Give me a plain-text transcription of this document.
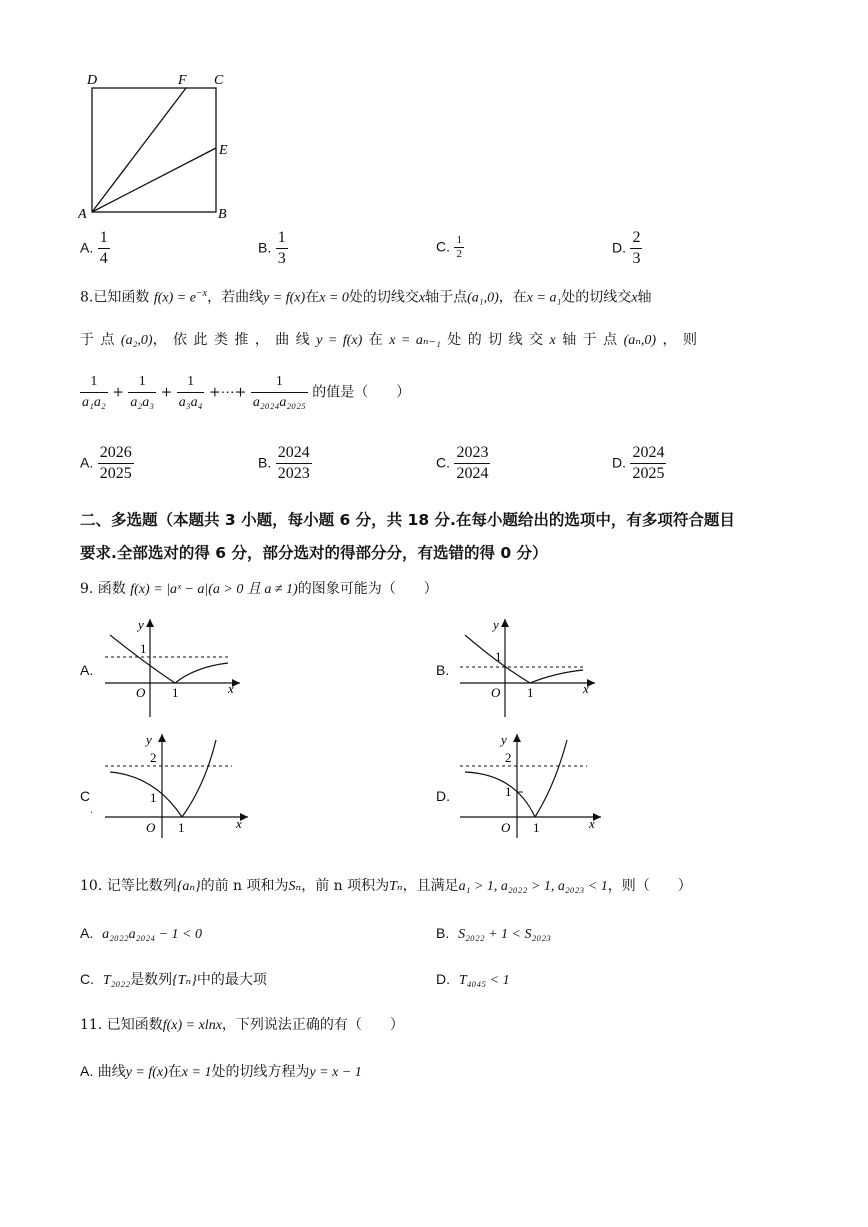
D	F C
E
A	B
A. $\frac{1}{4}$	B. $\frac{1}{3}$	C. $\frac{1}{2}$	D. $\frac{2}{3}$
8.已知函数 $f(x) = e^{-x}$，若曲线y = f(x)在x = 0处的切线交x轴于点(a₁,0)，在x = a₁处的切线交x轴
于 点 (a₂,0)， 依 此 类 推 ， 曲 线 y = f(x) 在 x = aₙ₋₁ 处 的 切 线 交 x 轴 于 点 (aₙ,0) ， 则
$\frac{1}{\text{a₁a₂}} + \frac{1}{\text{a₂a₃}} + \frac{1}{\text{a₃a₄}}$ +⋯+ $\frac{1}{\text{a₂₀₂₄a₂₀₂₅}}$ 的值是（　　）
A. $\frac{2026}{2025}$	B. $\frac{2024}{2023}$	C. $\frac{2023}{2024}$	D. $\frac{2024}{2025}$
二、多选题（本题共 3 小题，每小题 6 分，共 18 分.在每小题给出的选项中，有多项符合题目
要求.全部选对的得 6 分，部分选对的得部分分，有选错的得 0 分）
9. 函数 f(x) = |aˣ − a|(a > 0 且 a ≠ 1)的图象可能为（　　）
A.
y
1
O 1	x
B.
y
1
O 1	x
$C_.$
y
2
1
O 1	x
D.
y
2
1
O 1	x
10. 记等比数列{aₙ}的前 n 项和为Sₙ，前 n 项积为Tₙ，且满足a₁ > 1, a₂₀₂₂ > 1, a₂₀₂₃ < 1，则（　　）
A. a₂₀₂₂a₂₀₂₄ − 1 < 0	B. S₂₀₂₂ + 1 < S₂₀₂₃
C. T₂₀₂₂是数列{Tₙ}中的最大项	D. T₄₀₄₅ < 1
11. 已知函数f(x) = xlnx，下列说法正确的有（　　）
A. 曲线y = f(x)在x = 1处的切线方程为y = x − 1
